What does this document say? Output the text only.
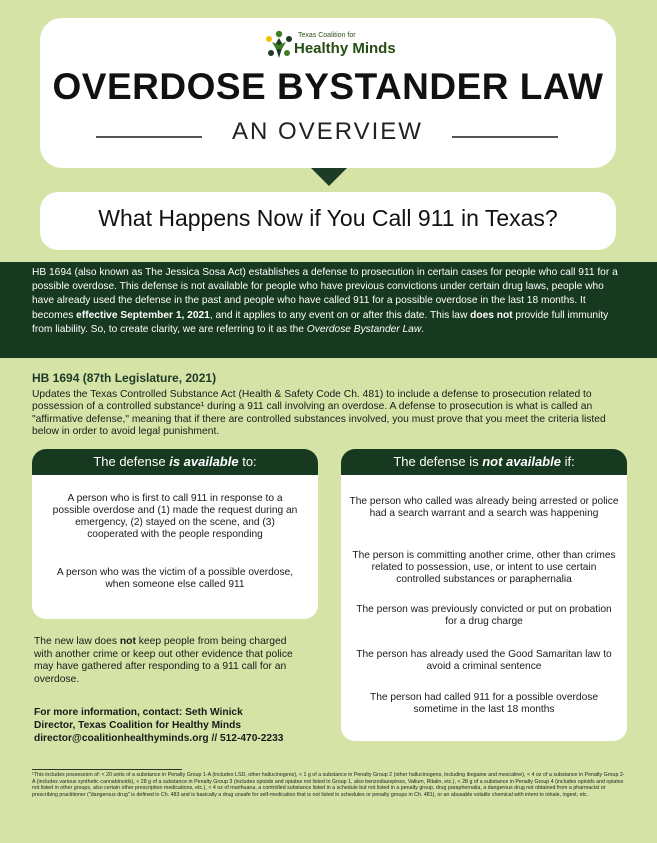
Texas Coalition for
Healthy Minds
OVERDOSE BYSTANDER LAW
AN OVERVIEW
What Happens Now if You Call 911 in Texas?
HB 1694 (also known as The Jessica Sosa Act) establishes a defense to prosecution in certain cases for people who call 911 for a possible overdose. This defense is not available for people who have previous convictions under certain drug laws, people who have already used the defense in the past and people who have called 911 for a possible overdose in the last 18 months. It becomes effective September 1, 2021, and it applies to any event on or after this date. This law does not provide full immunity from liability. So, to create clarity, we are referring to it as the Overdose Bystander Law.
HB 1694 (87th Legislature, 2021)
Updates the Texas Controlled Substance Act (Health & Safety Code Ch. 481) to include a defense to prosecution related to possession of a controlled substance¹ during a 911 call involving an overdose. A defense to prosecution is what is called an "affirmative defense," meaning that if there are controlled substances involved, you must prove that you meet the criteria listed below in order to avoid legal punishment.
The defense is available to:
A person who is first to call 911 in response to a possible overdose and (1) made the request during an emergency, (2) stayed on the scene, and (3) cooperated with the people responding
A person who was the victim of a possible overdose, when someone else called 911
The defense is not available if:
The person who called was already being arrested or police had a search warrant and a search was happening
The person is committing another crime, other than crimes related to possession, use, or intent to use certain controlled substances or paraphernalia
The person was previously convicted or put on probation for a drug charge
The person has already used the Good Samaritan law to avoid a criminal sentence
The person had called 911 for a possible overdose sometime in the last 18 months
The new law does not keep people from being charged with another crime or keep out other evidence that police may have gathered after responding to a 911 call for an overdose.
For more information, contact: Seth Winick
Director, Texas Coalition for Healthy Minds
director@coalitionhealthyminds.org // 512-470-2233
¹This includes possession of: < 20 units of a substance in Penalty Group 1-A (includes LSD, other hallucinogens), < 1 g of a substance in Penalty Group 2 (other hallucinogens, including ibogaine and mescaline), < 4 oz of a substance in Penalty Group 2-A (includes various synthetic cannabinoids), < 28 g of a substance in Penalty Group 3 (includes opioids and opiates not listed in Group 1, also benzodiazepines, Valium, Ritalin, etc.), < 28 g of a substance in Penalty Group 4 (includes opioids and opiates not listed in other groups, also certain other prescription medications, etc.), < 4 oz of marihuana, a controlled substance listed in a schedule but not listed in a penalty group, drug paraphernalia, a dangerous drug not obtained from a pharmacist or prescribing practitioner ("dangerous drug" is defined in Ch. 483 and is basically a drug unsafe for self-medication that is not listed in schedules or penalty groups in Ch. 481), or an abusable volatile chemical with intent to inhale, ingest, etc.
